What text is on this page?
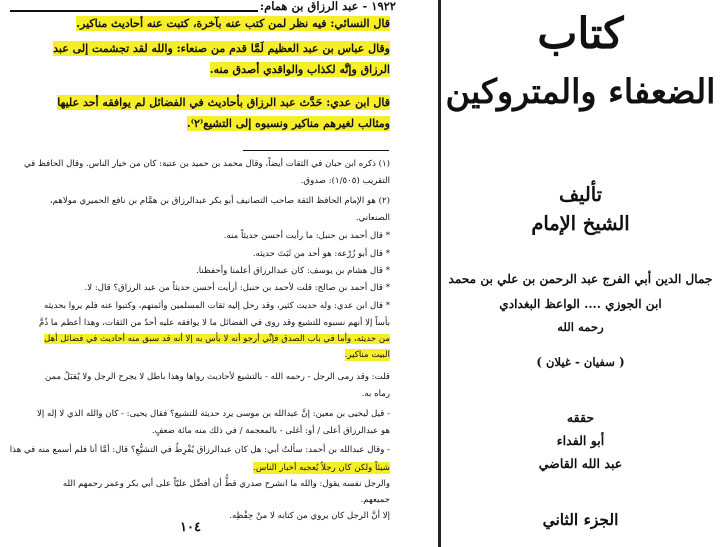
١٩٢٢ - عبد الرزاق بن همام:
قال النسائي: فيه نظر لمن كتب عنه بآخرة، كتبت عنه أحاديث مناكير.
وقال عباس بن عبد العظيم لَمَّا قدم من صنعاء: والله لقد تجشمت إلى عبد
الرزاق وإنَّه لكذاب والواقدي أصدق منه.
قال ابن عدي: حَدَّث عبد الرزاق بأحاديث في الفضائل لم يوافقه أحد عليها
ومثالب لغيرهم مناكير ونسبوه إلى التشيع⁽٢⁾.
(١) ذكره ابن حبان في الثقات أيضاً، وقال محمد بن حميد بن عتبة: كان من خيار الناس. وقال الحافظ في
التقريب (١/٥٠٥): صدوق.
(٢) هو الإمام الحافظ الثقة صاحب التصانيف أبو بكر عبدالرزاق بن همَّام بن نافع الحميري مولاهم،
الصنعاني.
* قال أحمد بن حنبل: ما رأيت أحسن حديثاً منه.
* قال أبو زُرْعة: هو أحد من ثَبَتَ حديثه.
* قال هشام بن يوسف: كان عبدالرزاق أعلمنا وأحفظنا.
* قال أحمد بن صالح: قلت لأحمد بن حنبل: أرأيت أحسن حديثاً من عبد الرزاق؟ قال: لا.
* قال ابن عدي: وله حديث كثير، وقد رحل إليه ثقات المسلمين وأئمتهم، وكتبوا عنه فلم يروا بحديثه
بأساً إلا أنهم نسبوه للتشيع وقد روى في الفضائل ما لا يوافقه عليه أحدٌ من الثقات، وهذا أعظم ما ذُمَّ
من حديثه، وأما في باب الصدق فإنِّي أرجو أنه لا بأس به إلا أنه قد سبق منه أحاديث في فضائل أهل
البيت مناكير.
قلت: وقد رمى الرجل - رحمه الله - بالتشيع لأحاديث رواها وهذا باطل لا يجرح الرجل ولا يُقبَلُ ممن
رماه به.
- قيل ليحيى بن معين: إنَّ عبدالله بن موسى يرد حديثه للتشيع؟ فقال يحيى: - كان والله الذي لا إله إلا
هو عبدالرزاق أعلى / أو: أغلى - بالمعجمة / في ذلك منه مائة ضعفٍ.
- وقال عبدالله بن أحمد: سألتُ أبي: هل كان عبدالرزاق يُفْرِطُ في التشيُّعِ؟ قال: أمَّا أنا فلم أسمع منه في هذا
شيئاً ولكن كان رجلاً يُعجبه أخبار الناس.
والرجل نفسه يقول: والله ما انشرح صدري قطُّ أن أفضِّل عليّاً على أبي بكر وعمر رحمهم الله
جميعهم.
إلا أنَّ الرجل كان يروي من كتابه لا منْ حِفْظِه.
١٠٤
كتاب
الضعفاء والمتروكين
تأليف
الشيخ الإمام
جمال الدين أبي الفرج عبد الرحمن بن علي بن محمد
ابن الجوزي .... الواعظ البغدادي
رحمه الله
( سفيان - غيلان )
حققه
أبو الفداء
عبد الله القاضي
الجزء الثاني
